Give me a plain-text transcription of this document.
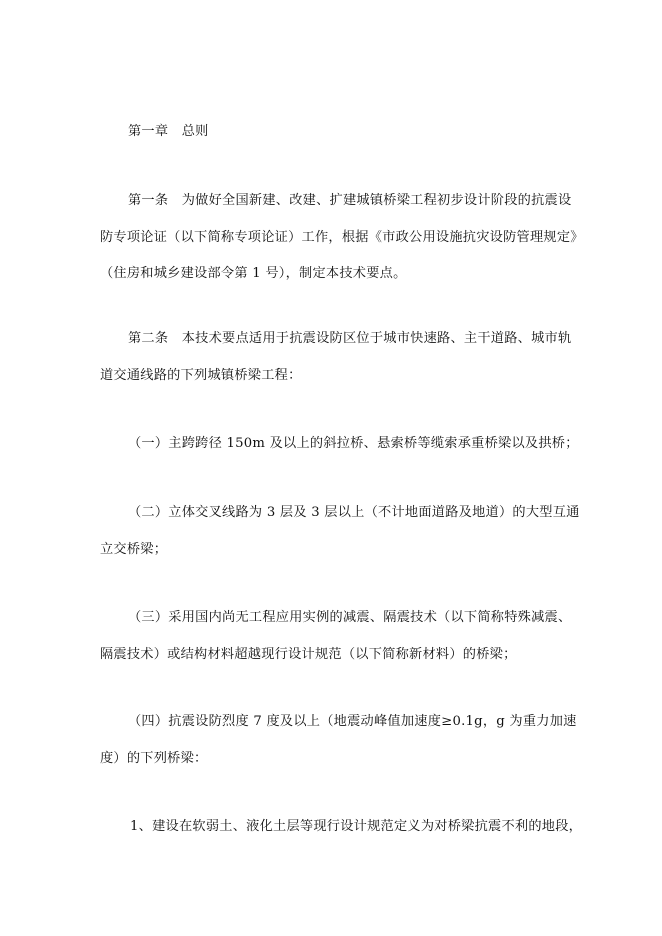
第一章　总则
第一条　为做好全国新建、改建、扩建城镇桥梁工程初步设计阶段的抗震设
防专项论证（以下简称专项论证）工作，根据《市政公用设施抗灾设防管理规定》
（住房和城乡建设部令第 1 号），制定本技术要点。
第二条　本技术要点适用于抗震设防区位于城市快速路、主干道路、城市轨
道交通线路的下列城镇桥梁工程：
（一）主跨跨径 150m 及以上的斜拉桥、悬索桥等缆索承重桥梁以及拱桥；
（二）立体交叉线路为 3 层及 3 层以上（不计地面道路及地道）的大型互通
立交桥梁；
（三）采用国内尚无工程应用实例的减震、隔震技术（以下简称特殊减震、
隔震技术）或结构材料超越现行设计规范（以下简称新材料）的桥梁；
（四）抗震设防烈度 7 度及以上（地震动峰值加速度≥0.1g，g 为重力加速
度）的下列桥梁：
1、建设在软弱土、液化土层等现行设计规范定义为对桥梁抗震不利的地段，
